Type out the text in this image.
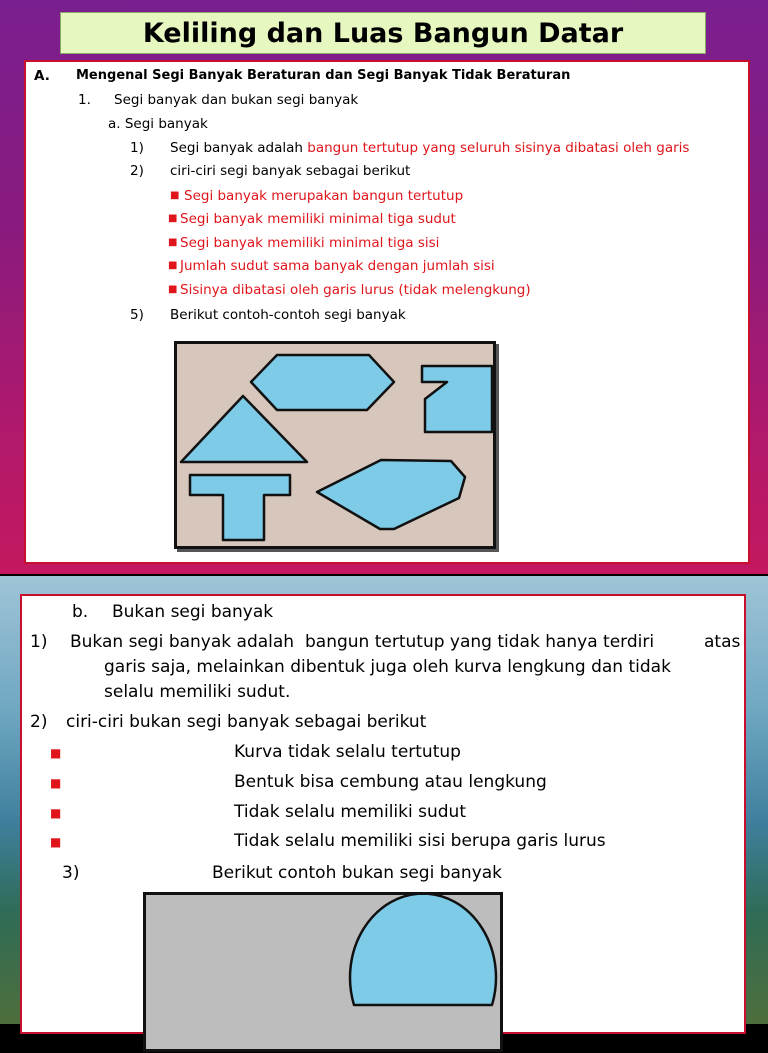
Keliling dan Luas Bangun Datar
A. Mengenal Segi Banyak Beraturan dan Segi Banyak Tidak Beraturan
1. Segi banyak dan bukan segi banyak
a. Segi banyak
1) Segi banyak adalah bangun tertutup yang seluruh sisinya dibatasi oleh garis
2) ciri-ciri segi banyak sebagai berikut
■ Segi banyak merupakan bangun tertutup
■ Segi banyak memiliki minimal tiga sudut
■ Segi banyak memiliki minimal tiga sisi
■ Jumlah sudut sama banyak dengan jumlah sisi
■ Sisinya dibatasi oleh garis lurus (tidak melengkung)
5) Berikut contoh-contoh segi banyak
b. Bukan segi banyak
1) Bukan segi banyak adalah bangun tertutup yang tidak hanya terdiri	atas
garis saja, melainkan dibentuk juga oleh kurva lengkung dan tidak
selalu memiliki sudut.
2) ciri-ciri bukan segi banyak sebagai berikut
■	Kurva tidak selalu tertutup
■	Bentuk bisa cembung atau lengkung
■	Tidak selalu memiliki sudut
■	Tidak selalu memiliki sisi berupa garis lurus
3)	Berikut contoh bukan segi banyak
